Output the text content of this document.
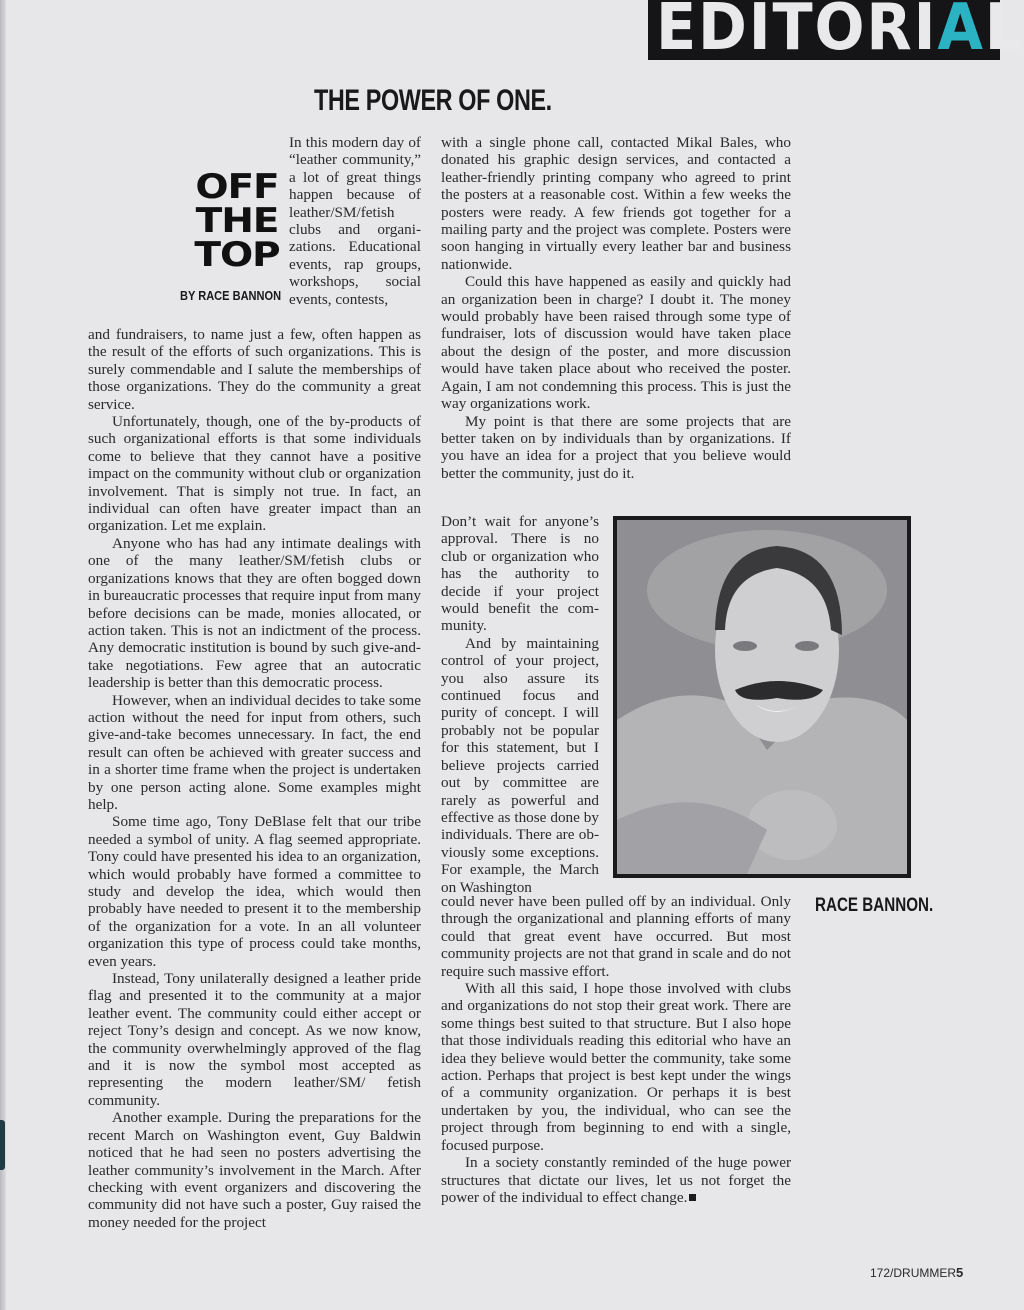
EDITORIAL
THE POWER OF ONE.
OFF
THE
TOP
BY RACE BANNON

In this modern day of “leather community,” a lot of great things happen because of leather/SM/fetish clubs and organizations. Educational events, rap groups, workshops, social events, contests,

and fundraisers, to name just a few, often happen as the result of the efforts of such organizations. This is surely commendable and I salute the memberships of those organizations. They do the community a great service.

Unfortunately, though, one of the by-products of such organizational efforts is that some individuals come to believe that they cannot have a positive impact on the community without club or organization involvement. That is simply not true. In fact, an individual can often have greater impact than an organization. Let me explain.

Anyone who has had any intimate dealings with one of the many leather/SM/fetish clubs or organizations knows that they are often bogged down in bureaucratic processes that require input from many before decisions can be made, monies allocated, or action taken. This is not an indictment of the process. Any democratic institution is bound by such give-and-take negotiations. Few agree that an autocratic leadership is better than this democratic process.

However, when an individual decides to take some action without the need for input from others, such give-and-take becomes unnecessary. In fact, the end result can often be achieved with greater success and in a shorter time frame when the project is undertaken by one person acting alone. Some examples might help.

Some time ago, Tony DeBlase felt that our tribe needed a symbol of unity. A flag seemed appropriate. Tony could have presented his idea to an organization, which would probably have formed a committee to study and develop the idea, which would then probably have needed to present it to the membership of the organization for a vote. In an all volunteer organization this type of process could take months, even years.

Instead, Tony unilaterally designed a leather pride flag and presented it to the community at a major leather event. The community could either accept or reject Tony’s design and concept. As we now know, the community overwhelmingly approved of the flag and it is now the symbol most accepted as representing the modern leather/SM/ fetish community.

Another example. During the preparations for the recent March on Washington event, Guy Baldwin noticed that he had seen no posters advertising the leather community’s involvement in the March. After checking with event organizers and discovering the community did not have such a poster, Guy raised the money needed for the project

with a single phone call, contacted Mikal Bales, who donated his graphic design services, and contacted a leather-friendly printing company who agreed to print the posters at a reasonable cost. Within a few weeks the posters were ready. A few friends got together for a mailing party and the project was complete. Posters were soon hanging in virtually every leather bar and business nationwide.

Could this have happened as easily and quickly had an organization been in charge? I doubt it. The money would probably have been raised through some type of fundraiser, lots of discussion would have taken place about the design of the poster, and more discussion would have taken place about who received the poster. Again, I am not condemning this process. This is just the way organizations work.

My point is that there are some projects that are better taken on by individuals than by organizations. If you have an idea for a project that you believe would better the community, just do it.

Don’t wait for anyone’s approval. There is no club or organization who has the authority to decide if your project would benefit the community.

And by maintaining control of your project, you also assure its continued focus and purity of concept. I will probably not be popular for this statement, but I believe projects carried out by committee are rarely as powerful and effective as those done by individuals. There are obviously some exceptions. For example, the March on Washington

RACE BANNON.

could never have been pulled off by an individual. Only through the organizational and planning efforts of many could that great event have occurred. But most community projects are not that grand in scale and do not require such massive effort.

With all this said, I hope those involved with clubs and organizations do not stop their great work. There are some things best suited to that structure. But I also hope that those individuals reading this editorial who have an idea they believe would better the community, take some action. Perhaps that project is best kept under the wings of a community organization. Or perhaps it is best undertaken by you, the individual, who can see the project through from beginning to end with a single, focused purpose.

In a society constantly reminded of the huge power structures that dictate our lives, let us not forget the power of the individual to effect change.

172/DRUMMER5
